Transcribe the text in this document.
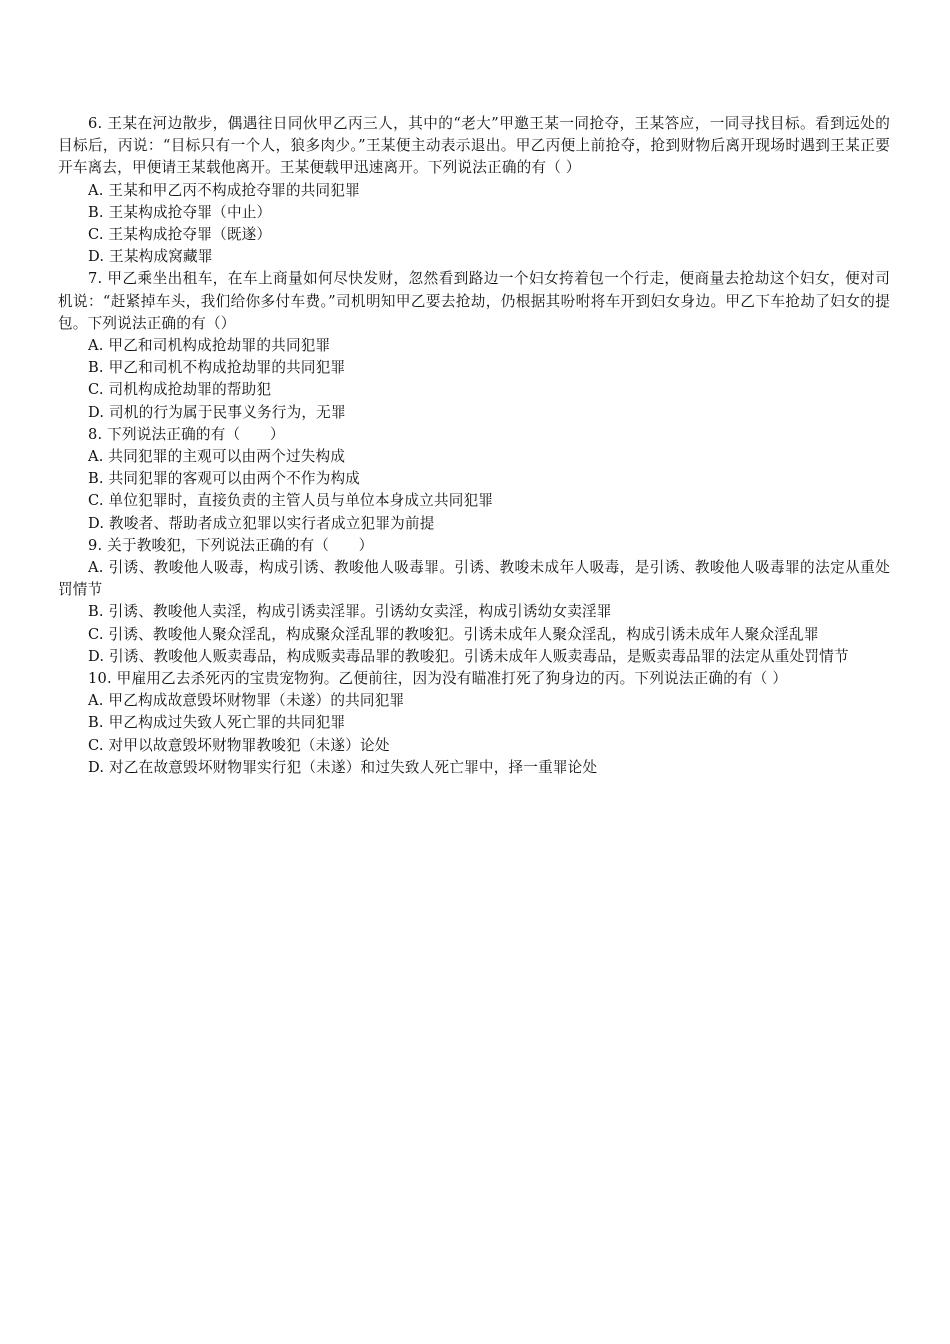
6. 王某在河边散步，偶遇往日同伙甲乙丙三人，其中的“老大”甲邀王某一同抢夺，王某答应，一同寻找目标。看到远处的目标后，丙说：“目标只有一个人，狼多肉少。”王某便主动表示退出。甲乙丙便上前抢夺，抢到财物后离开现场时遇到王某正要开车离去，甲便请王某载他离开。王某便载甲迅速离开。下列说法正确的有（ ）

A. 王某和甲乙丙不构成抢夺罪的共同犯罪

B. 王某构成抢夺罪（中止）

C. 王某构成抢夺罪（既遂）

D. 王某构成窝藏罪

7. 甲乙乘坐出租车，在车上商量如何尽快发财，忽然看到路边一个妇女挎着包一个行走，便商量去抢劫这个妇女，便对司机说：“赶紧掉车头，我们给你多付车费。”司机明知甲乙要去抢劫，仍根据其吩咐将车开到妇女身边。甲乙下车抢劫了妇女的提包。下列说法正确的有（）

A. 甲乙和司机构成抢劫罪的共同犯罪

B. 甲乙和司机不构成抢劫罪的共同犯罪

C. 司机构成抢劫罪的帮助犯

D. 司机的行为属于民事义务行为，无罪

8. 下列说法正确的有（　　）

A. 共同犯罪的主观可以由两个过失构成

B. 共同犯罪的客观可以由两个不作为构成

C. 单位犯罪时，直接负责的主管人员与单位本身成立共同犯罪

D. 教唆者、帮助者成立犯罪以实行者成立犯罪为前提

9. 关于教唆犯，下列说法正确的有（　　）

A. 引诱、教唆他人吸毒，构成引诱、教唆他人吸毒罪。引诱、教唆未成年人吸毒，是引诱、教唆他人吸毒罪的法定从重处罚情节

B. 引诱、教唆他人卖淫，构成引诱卖淫罪。引诱幼女卖淫，构成引诱幼女卖淫罪

C. 引诱、教唆他人聚众淫乱，构成聚众淫乱罪的教唆犯。引诱未成年人聚众淫乱，构成引诱未成年人聚众淫乱罪

D. 引诱、教唆他人贩卖毒品，构成贩卖毒品罪的教唆犯。引诱未成年人贩卖毒品，是贩卖毒品罪的法定从重处罚情节

10. 甲雇用乙去杀死丙的宝贵宠物狗。乙便前往，因为没有瞄准打死了狗身边的丙。下列说法正确的有（ ）

A. 甲乙构成故意毁坏财物罪（未遂）的共同犯罪

B. 甲乙构成过失致人死亡罪的共同犯罪

C. 对甲以故意毁坏财物罪教唆犯（未遂）论处

D. 对乙在故意毁坏财物罪实行犯（未遂）和过失致人死亡罪中，择一重罪论处
